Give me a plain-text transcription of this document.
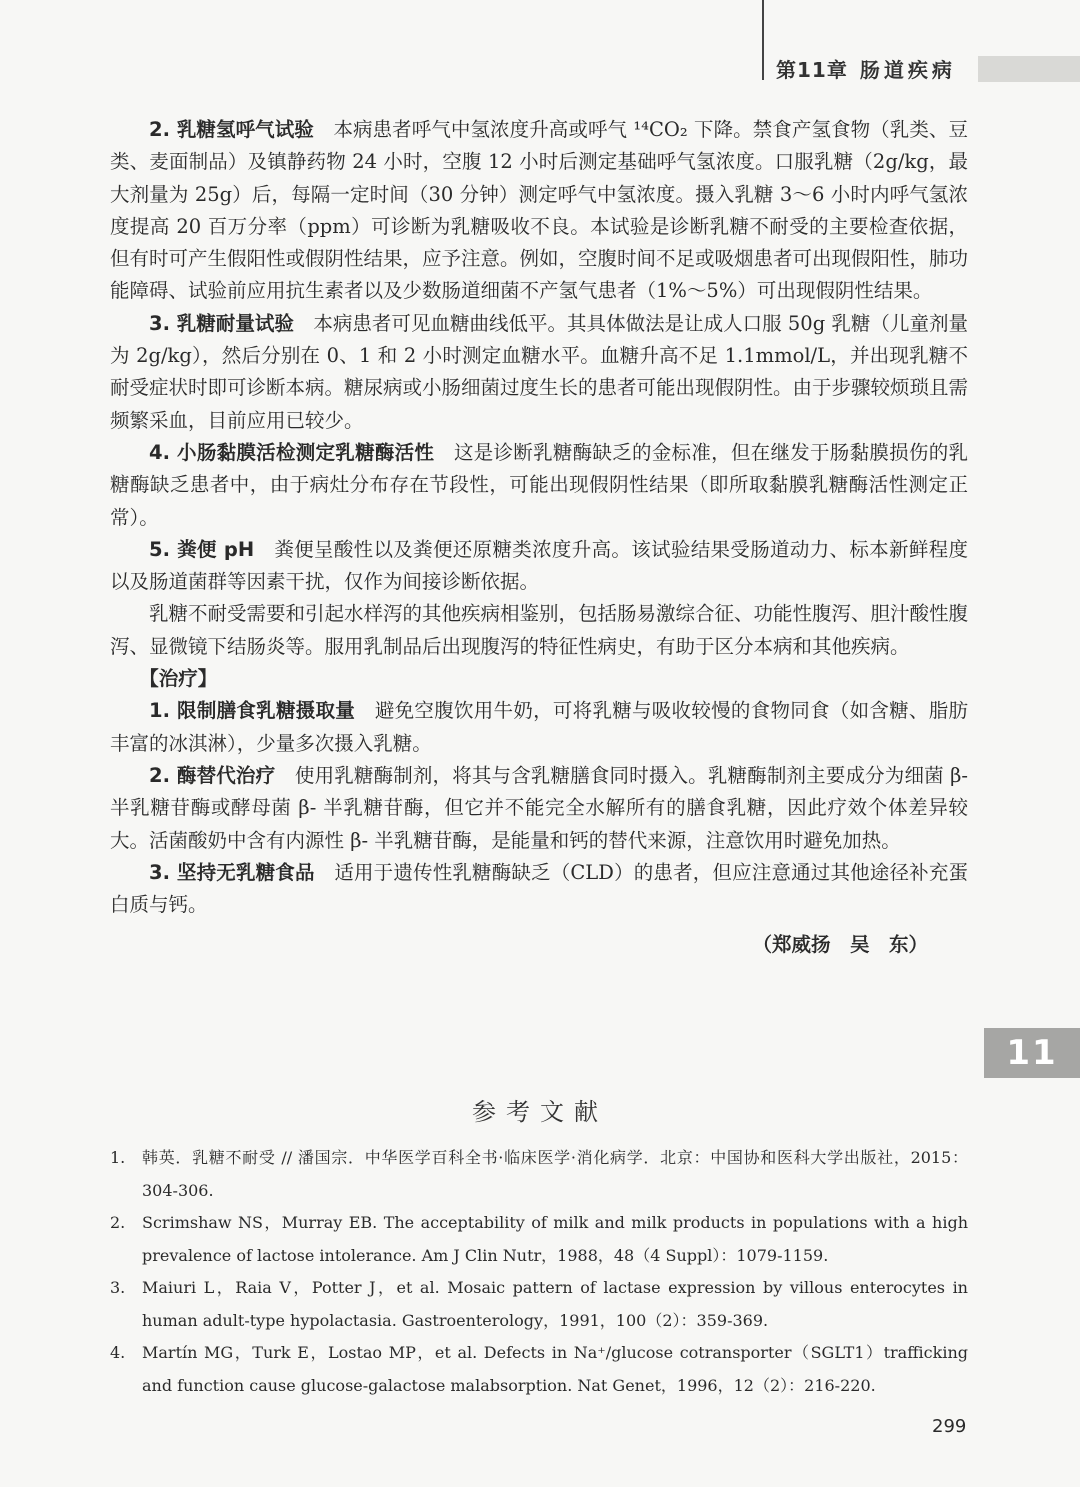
第11章 肠道疾病
11

2. 乳糖氢呼气试验　 本病患者呼气中氢浓度升高或呼气 ¹⁴CO₂ 下降。禁食产氢食物（乳类、豆类、麦面制品）及镇静药物 24 小时，空腹 12 小时后测定基础呼气氢浓度。口服乳糖（2g/kg，最大剂量为 25g）后，每隔一定时间（30 分钟）测定呼气中氢浓度。摄入乳糖 3～6 小时内呼气氢浓度提高 20 百万分率（ppm）可诊断为乳糖吸收不良。本试验是诊断乳糖不耐受的主要检查依据，但有时可产生假阳性或假阴性结果，应予注意。例如，空腹时间不足或吸烟患者可出现假阳性，肺功能障碍、试验前应用抗生素者以及少数肠道细菌不产氢气患者（1%～5%）可出现假阴性结果。

3. 乳糖耐量试验　 本病患者可见血糖曲线低平。其具体做法是让成人口服 50g 乳糖（儿童剂量为 2g/kg），然后分别在 0、1 和 2 小时测定血糖水平。血糖升高不足 1.1mmol/L，并出现乳糖不耐受症状时即可诊断本病。糖尿病或小肠细菌过度生长的患者可能出现假阴性。由于步骤较烦琐且需频繁采血，目前应用已较少。

4. 小肠黏膜活检测定乳糖酶活性　 这是诊断乳糖酶缺乏的金标准，但在继发于肠黏膜损伤的乳糖酶缺乏患者中，由于病灶分布存在节段性，可能出现假阴性结果（即所取黏膜乳糖酶活性测定正常）。

5. 粪便 pH　 粪便呈酸性以及粪便还原糖类浓度升高。该试验结果受肠道动力、标本新鲜程度以及肠道菌群等因素干扰，仅作为间接诊断依据。

乳糖不耐受需要和引起水样泻的其他疾病相鉴别，包括肠易激综合征、功能性腹泻、胆汁酸性腹泻、显微镜下结肠炎等。服用乳制品后出现腹泻的特征性病史，有助于区分本病和其他疾病。

【治疗】

1. 限制膳食乳糖摄取量　 避免空腹饮用牛奶，可将乳糖与吸收较慢的食物同食（如含糖、脂肪丰富的冰淇淋），少量多次摄入乳糖。

2. 酶替代治疗　 使用乳糖酶制剂，将其与含乳糖膳食同时摄入。乳糖酶制剂主要成分为细菌 β- 半乳糖苷酶或酵母菌 β- 半乳糖苷酶，但它并不能完全水解所有的膳食乳糖，因此疗效个体差异较大。活菌酸奶中含有内源性 β- 半乳糖苷酶，是能量和钙的替代来源，注意饮用时避免加热。

3. 坚持无乳糖食品　 适用于遗传性乳糖酶缺乏（CLD）的患者，但应注意通过其他途径补充蛋白质与钙。

（郑威扬　吴　东）
参考文献
1. 韩英．乳糖不耐受 // 潘国宗．中华医学百科全书·临床医学·消化病学．北京：中国协和医科大学出版社，2015：304-306.
2. Scrimshaw NS，Murray EB. The acceptability of milk and milk products in populations with a high prevalence of lactose intolerance. Am J Clin Nutr，1988，48（4 Suppl）：1079-1159.
3. Maiuri L，Raia V，Potter J，et al. Mosaic pattern of lactase expression by villous enterocytes in human adult-type hypolactasia. Gastroenterology，1991，100（2）：359-369.
4. Martín MG，Turk E，Lostao MP，et al. Defects in Na⁺/glucose cotransporter（SGLT1）trafficking and function cause glucose-galactose malabsorption. Nat Genet，1996，12（2）：216-220.
299
